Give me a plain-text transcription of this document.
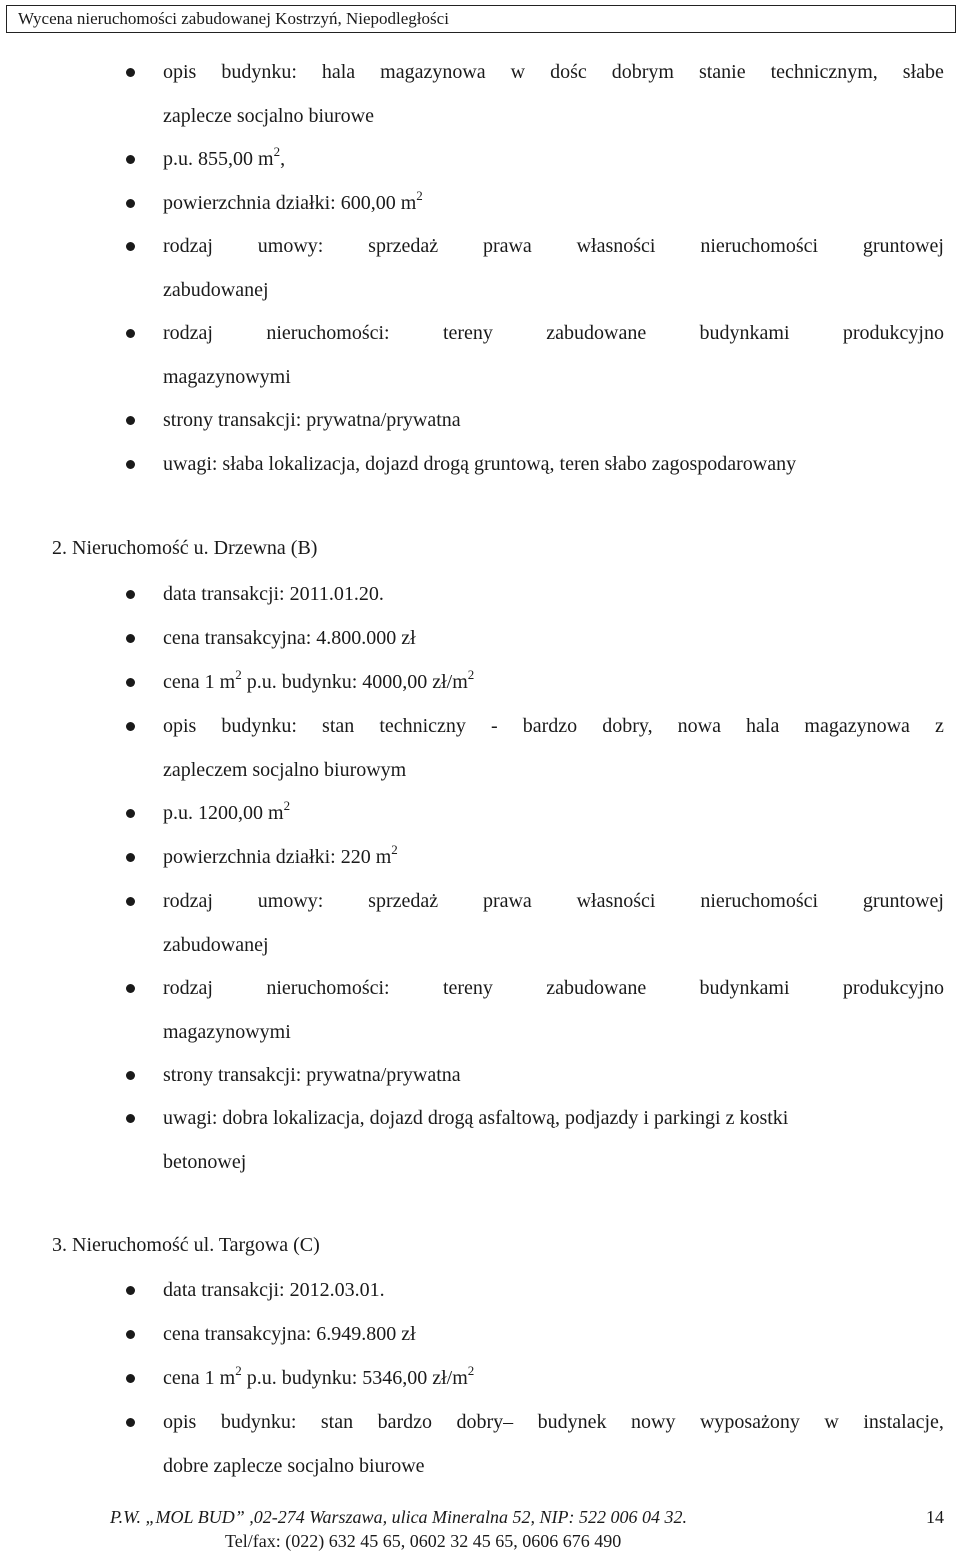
Wycena nieruchomości zabudowanej Kostrzyń, Niepodległości
opis budynku: hala magazynowa w dośc dobrym stanie technicznym, słabe
zaplecze socjalno biurowe
p.u. 855,00 $m^2$,
powierzchnia działki: 600,00 $m^2$
rodzaj umowy: sprzedaż prawa własności nieruchomości gruntowej
zabudowanej
rodzaj	nieruchomości:	tereny	zabudowane	budynkami	produkcyjno
magazynowymi
strony transakcji: prywatna/prywatna
uwagi: słaba lokalizacja, dojazd drogą gruntową, teren słabo zagospodarowany
2. Nieruchomość u. Drzewna (B)
data transakcji: 2011.01.20.
cena transakcyjna: 4.800.000 zł
cena 1 $m^2$ p.u. budynku: 4000,00 $zł/m^2$
opis budynku: stan techniczny - bardzo dobry, nowa hala magazynowa z
zapleczem socjalno biurowym
p.u. 1200,00 $m^2$
powierzchnia działki: 220 $m^2$
rodzaj umowy: sprzedaż prawa własności nieruchomości gruntowej
zabudowanej
rodzaj	nieruchomości:	tereny	zabudowane	budynkami	produkcyjno
magazynowymi
strony transakcji: prywatna/prywatna
uwagi: dobra lokalizacja, dojazd drogą asfaltową, podjazdy i parkingi z kostki
betonowej
3. Nieruchomość ul. Targowa (C)
data transakcji: 2012.03.01.
cena transakcyjna: 6.949.800 zł
cena 1 $m^2$ p.u. budynku: 5346,00 $zł/m^2$
opis budynku: stan bardzo dobry– budynek nowy wyposażony w instalacje,
dobre zaplecze socjalno biurowe
P.W. „MOL BUD” ,02-274 Warszawa, ulica Mineralna 52, NIP: 522 006 04 32.
Tel/fax: (022) 632 45 65, 0602 32 45 65, 0606 676 490
14
